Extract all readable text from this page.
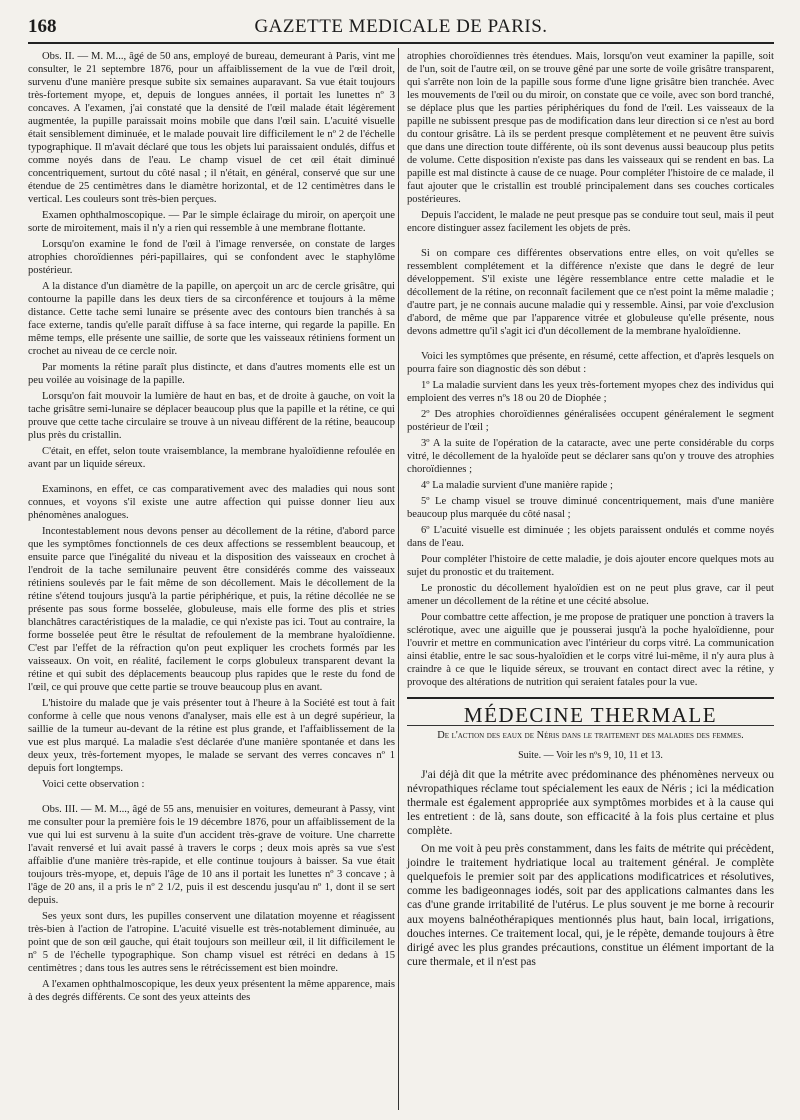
168	GAZETTE MEDICALE DE PARIS.

Obs. II. — M. M..., âgé de 50 ans, employé de bureau, demeurant à Paris, vint me consulter, le 21 septembre 1876, pour un affaiblissement de la vue de l'œil droit, survenu d'une manière presque subite six semaines auparavant. Sa vue était toujours très-fortement myope, et, depuis de longues années, il portait les lunettes nº 3 concaves. A l'examen, j'ai constaté que la densité de l'œil malade était légèrement augmentée, la pupille paraissait moins mobile que dans l'œil sain. L'acuité visuelle était sensiblement diminuée, et le malade pouvait lire difficilement le nº 2 de l'échelle typographique. Il m'avait déclaré que tous les objets lui paraissaient ondulés, diffus et comme noyés dans de l'eau. Le champ visuel de cet œil était diminué concentriquement, surtout du côté nasal ; il n'était, en général, conservé que sur une étendue de 25 centimètres dans le diamètre horizontal, et de 12 centimètres dans le vertical. Les couleurs sont très-bien perçues.

Examen ophthalmoscopique. — Par le simple éclairage du miroir, on aperçoit une sorte de miroitement, mais il n'y a rien qui ressemble à une membrane flottante.

Lorsqu'on examine le fond de l'œil à l'image renversée, on constate de larges atrophies choroïdiennes péri-papillaires, qui se confondent avec le staphylôme postérieur.

A la distance d'un diamètre de la papille, on aperçoit un arc de cercle grisâtre, qui contourne la papille dans les deux tiers de sa circonférence et toujours à la même distance. Cette tache semi lunaire se présente avec des contours bien tranchés à sa face externe, tandis qu'elle paraît diffuse à sa face interne, qui regarde la papille. En même temps, elle présente une saillie, de sorte que les vaisseaux rétiniens forment un crochet au niveau de ce cercle noir.

Par moments la rétine paraît plus distincte, et dans d'autres moments elle est un peu voilée au voisinage de la papille.

Lorsqu'on fait mouvoir la lumière de haut en bas, et de droite à gauche, on voit la tache grisâtre semi-lunaire se déplacer beaucoup plus que la papille et la rétine, ce qui prouve que cette tache circulaire se trouve à un niveau différent de la rétine, beaucoup plus près du cristallin.

C'était, en effet, selon toute vraisemblance, la membrane hyaloïdienne refoulée en avant par un liquide séreux.

Examinons, en effet, ce cas comparativement avec des maladies qui nous sont connues, et voyons s'il existe une autre affection qui puisse donner lieu aux phénomènes analogues.

Incontestablement nous devons penser au décollement de la rétine, d'abord parce que les symptômes fonctionnels de ces deux affections se ressemblent beaucoup, et ensuite parce que l'inégalité du niveau et la disposition des vaisseaux en crochet à l'endroit de la tache semilunaire peuvent être considérés comme des vaisseaux rétiniens soulevés par le fait même de son décollement. Mais le décollement de la rétine s'étend toujours jusqu'à la partie périphérique, et puis, la rétine décollée ne se présente pas sous forme bosselée, globuleuse, mais elle forme des plis et stries blanchâtres caractéristiques de la maladie, ce qui n'existe pas ici. Tout au contraire, la forme bosselée peut être le résultat de refoulement de la membrane hyaloïdienne. C'est par l'effet de la réfraction qu'on peut expliquer les crochets formés par les vaisseaux. On voit, en réalité, facilement le corps globuleux transparent devant la rétine et qui subit des déplacements beaucoup plus rapides que le reste du fond de l'œil, ce qui prouve que cette partie se trouve beaucoup plus en avant.

L'histoire du malade que je vais présenter tout à l'heure à la Société est tout à fait conforme à celle que nous venons d'analyser, mais elle est à un degré supérieur, la saillie de la tumeur au-devant de la rétine est plus grande, et l'affaiblissement de la vue est plus marqué. La maladie s'est déclarée d'une manière spontanée et dans les deux yeux, très-fortement myopes, le malade se servant des verres concaves nº 1 depuis fort longtemps.

Voici cette observation :

Obs. III. — M. M..., âgé de 55 ans, menuisier en voitures, demeurant à Passy, vint me consulter pour la première fois le 19 décembre 1876, pour un affaiblissement de la vue qui lui est survenu à la suite d'un accident très-grave de voiture. Une charrette l'avait renversé et lui avait passé à travers le corps ; deux mois après sa vue s'est affaiblie d'une manière très-rapide, et elle continue toujours à baisser. Sa vue était toujours très-myope, et, depuis l'âge de 10 ans il portait les lunettes nº 3 concave ; à l'âge de 20 ans, il a pris le nº 2 1/2, puis il est descendu jusqu'au nº 1, dont il se sert depuis.

Ses yeux sont durs, les pupilles conservent une dilatation moyenne et réagissent très-bien à l'action de l'atropine. L'acuité visuelle est très-notablement diminuée, au point que de son œil gauche, qui était toujours son meilleur œil, il lit difficilement le nº 5 de l'échelle typographique. Son champ visuel est rétréci en dedans à 15 centimètres ; dans tous les autres sens le rétrécissement est bien moindre.

A l'examen ophthalmoscopique, les deux yeux présentent la même apparence, mais à des degrés différents. Ce sont des yeux atteints des

atrophies choroïdiennes très étendues. Mais, lorsqu'on veut examiner la papille, soit de l'un, soit de l'autre œil, on se trouve gêné par une sorte de voile grisâtre transparent, qui s'arrête non loin de la papille sous forme d'une ligne grisâtre bien tranchée. Avec les mouvements de l'œil ou du miroir, on constate que ce voile, avec son bord tranché, se déplace plus que les parties périphériques du fond de l'œil. Les vaisseaux de la papille ne subissent presque pas de modification dans leur direction si ce n'est au bord du contour grisâtre. Là ils se perdent presque complètement et ne peuvent être suivis que dans une direction toute différente, où ils sont devenus aussi beaucoup plus petits de volume. Cette disposition n'existe pas dans les vaisseaux qui se rendent en bas. La papille est mal distincte à cause de ce nuage. Pour compléter l'histoire de ce malade, il faut ajouter que le cristallin est troublé principalement dans ses couches corticales postérieures.

Depuis l'accident, le malade ne peut presque pas se conduire tout seul, mais il peut encore distinguer assez facilement les objets de près.

Si on compare ces différentes observations entre elles, on voit qu'elles se ressemblent complétement et la différence n'existe que dans le degré de leur développement. S'il existe une légère ressemblance entre cette maladie et le décollement de la rétine, on reconnaît facilement que ce n'est point la même maladie ; d'autre part, je ne connais aucune maladie qui y ressemble. Ainsi, par voie d'exclusion d'abord, de même que par l'apparence vitrée et globuleuse qu'elle présente, nous devons admettre qu'il s'agit ici d'un décollement de la membrane hyaloïdienne.

Voici les symptômes que présente, en résumé, cette affection, et d'après lesquels on pourra faire son diagnostic dès son début :

1º La maladie survient dans les yeux très-fortement myopes chez des individus qui emploient des verres nºs 18 ou 20 de Diophée ;

2º Des atrophies choroïdiennes généralisées occupent généralement le segment postérieur de l'œil ;

3º A la suite de l'opération de la cataracte, avec une perte considérable du corps vitré, le décollement de la hyaloïde peut se déclarer sans qu'on y trouve des atrophies choroïdiennes ;

4º La maladie survient d'une manière rapide ;

5º Le champ visuel se trouve diminué concentriquement, mais d'une manière beaucoup plus marquée du côté nasal ;

6º L'acuité visuelle est diminuée ; les objets paraissent ondulés et comme noyés dans de l'eau.

Pour compléter l'histoire de cette maladie, je dois ajouter encore quelques mots au sujet du pronostic et du traitement.

Le pronostic du décollement hyaloïdien est on ne peut plus grave, car il peut amener un décollement de la rétine et une cécité absolue.

Pour combattre cette affection, je me propose de pratiquer une ponction à travers la sclérotique, avec une aiguille que je pousserai jusqu'à la poche hyaloïdienne, pour l'ouvrir et mettre en communication avec l'intérieur du corps vitré. La communication ainsi établie, entre le sac sous-hyaloïdien et le corps vitré lui-même, il n'y aura plus à craindre à ce que le liquide séreux, se trouvant en contact direct avec la rétine, y provoque des altérations de nutrition qui seraient fatales pour la vue.

MÉDECINE THERMALE
De l'action des eaux de Néris dans le traitement des maladies des femmes.
Suite. — Voir les nºs 9, 10, 11 et 13.

J'ai déjà dit que la métrite avec prédominance des phénomènes nerveux ou névropathiques réclame tout spécialement les eaux de Néris ; ici la médication thermale est également appropriée aux symptômes morbides et à la cause qui les entretient : de là, sans doute, son efficacité à la fois plus certaine et plus complète.

On me voit à peu près constamment, dans les faits de métrite qui précèdent, joindre le traitement hydriatique local au traitement général. Je complète quelquefois le premier soit par des applications modificatrices et résolutives, comme les badigeonnages iodés, soit par des applications calmantes dans les cas d'une grande irritabilité de l'utérus. Le plus souvent je me borne à recourir aux moyens balnéothérapiques mentionnés plus haut, bain local, irrigations, douches internes. Ce traitement local, qui, je le répète, demande toujours à être dirigé avec les plus grandes précautions, constitue un élément important de la cure thermale, et il n'est pas
